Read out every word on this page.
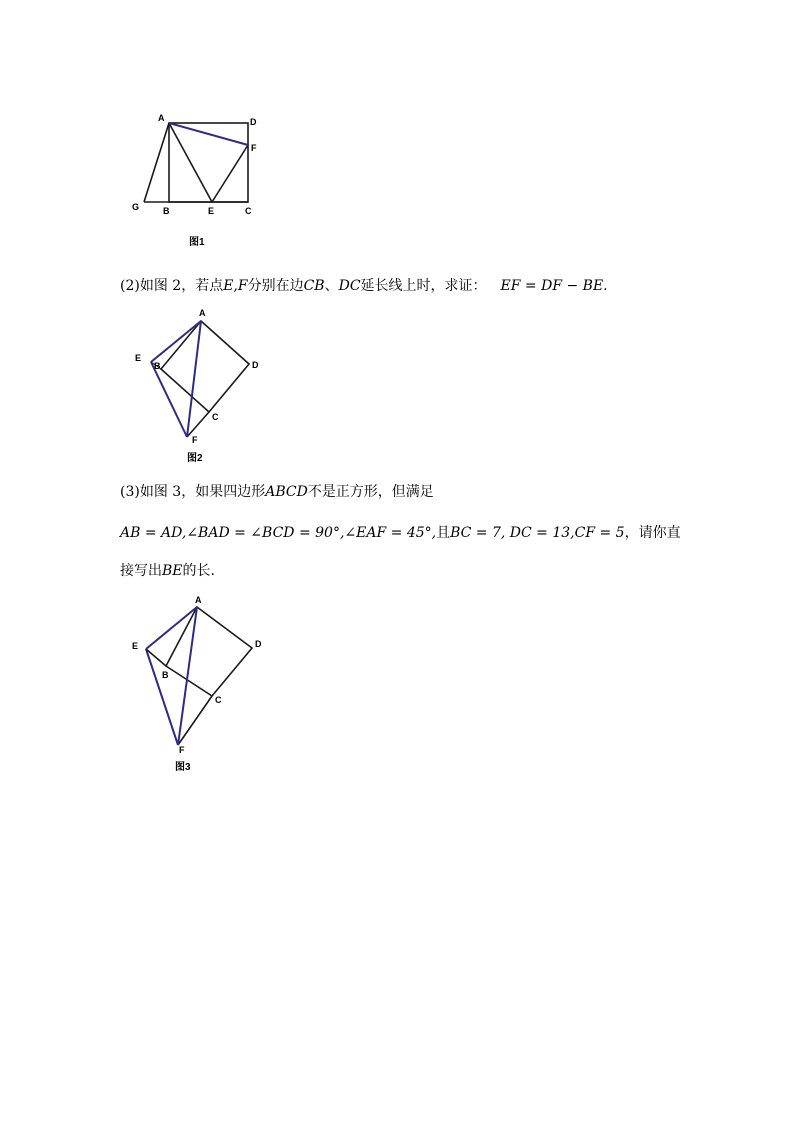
A	D
F
G	B	E	C
图1
(2)如图 2，若点E,F分别在边CB、DC延长线上时，求证： EF = DF − BE.
A
E
B	D
C
F
图2
(3)如图 3，如果四边形ABCD不是正方形，但满足
AB = AD,∠BAD = ∠BCD = 90°,∠EAF = 45°,且BC = 7, DC = 13,CF = 5，请你直
接写出BE的长.
A
E	D
B
C
F
图3
